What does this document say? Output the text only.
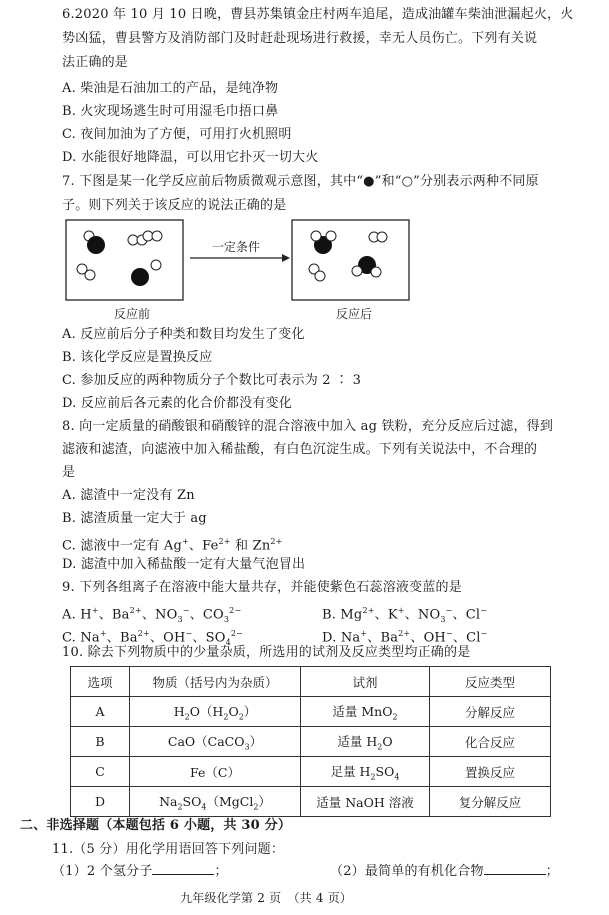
6.2020 年 10 月 10 日晚，曹县苏集镇金庄村两车追尾，造成油罐车柴油泄漏起火，火
势凶猛，曹县警方及消防部门及时赶赴现场进行救援，幸无人员伤亡。下列有关说
法正确的是
A. 柴油是石油加工的产品，是纯净物
B. 火灾现场逃生时可用湿毛巾捂口鼻
C. 夜间加油为了方便，可用打火机照明
D. 水能很好地降温，可以用它扑灭一切大火
7. 下图是某一化学反应前后物质微观示意图，其中“●”和“○”分别表示两种不同原
子。则下列关于该反应的说法正确的是
一定条件
反应前	反应后
A. 反应前后分子种类和数目均发生了变化
B. 该化学反应是置换反应
C. 参加反应的两种物质分子个数比可表示为 2 ∶ 3
D. 反应前后各元素的化合价都没有变化
8. 向一定质量的硝酸银和硝酸锌的混合溶液中加入 ag 铁粉，充分反应后过滤，得到
滤液和滤渣，向滤液中加入稀盐酸，有白色沉淀生成。下列有关说法中，不合理的
是
A. 滤渣中一定没有 Zn
B. 滤渣质量一定大于 ag
C. 滤液中一定有 Ag+、$Fe^{2+}$ 和 $Zn^{2+}$
D. 滤渣中加入稀盐酸一定有大量气泡冒出
9. 下列各组离子在溶液中能大量共存，并能使紫色石蕊溶液变蓝的是
A. H+、$Ba^{2+}$、$NO_3^-$、$CO_3^{2-}$	B. $Mg^{2+}$、K+、$NO_3^-$、Cl−
C. Na+、$Ba^{2+}$、OH−、$SO_4^{2-}$	D. Na+、$Ba^{2+}$、OH−、Cl−
10. 除去下列物质中的少量杂质，所选用的试剂及反应类型均正确的是
选项	物质（括号内为杂质）	试剂	反应类型
A	$H_2O(H_2O_2)$	适量 MnO$_2$	分解反应
B	CaO（CaCO$_3$）	适量 $H_2O$	化合反应
C	Fe（C）	足量 $H_2SO_4$	置换反应
D	$Na_2SO_4(MgCl_2)$	适量 NaOH 溶液	复分解反应
二、非选择题（本题包括 6 小题，共 30 分）
11.（5 分）用化学用语回答下列问题：
（1）2 个氢分子	；	（2）最简单的有机化合物	；
九年级化学第 2 页　（共 4 页）
